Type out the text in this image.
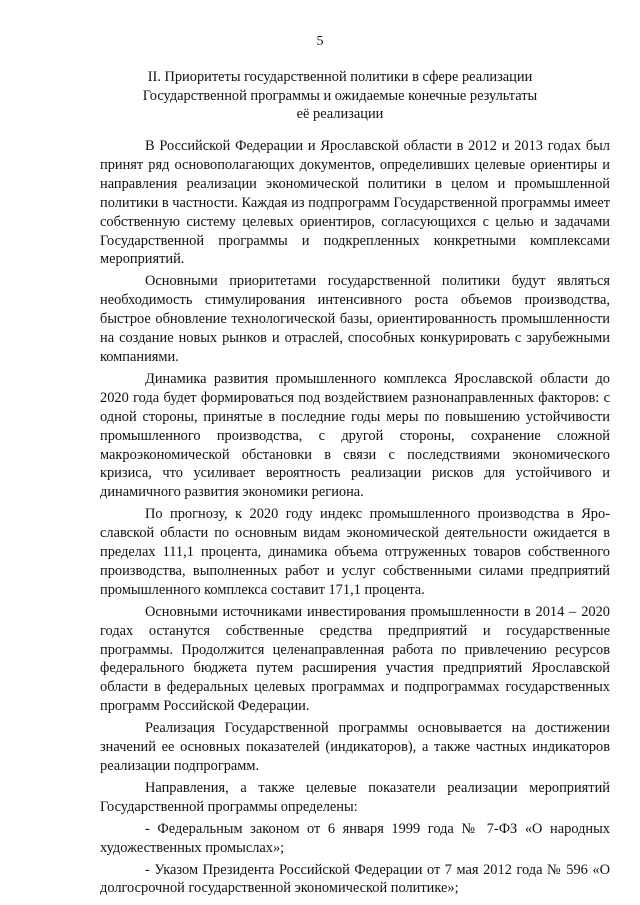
5
II. Приоритеты государственной политики в сфере реализации
Государственной программы и ожидаемые конечные результаты
её реализации

В Российской Федерации и Ярославской области в 2012 и 2013 годах был принят ряд основополагающих документов, определивших целевые ориентиры и направления реализации экономической политики в целом и промышленной политики в частности. Каждая из подпрограмм Государственной программы имеет собственную систему целевых ориентиров, согласующихся с целью и задачами Государственной программы и подкрепленных конкретными комплексами мероприятий.

Основными приоритетами государственной политики будут являться необходимость стимулирования интенсивного роста объемов производства, быстрое обновление технологической базы, ориентированность промышленности на создание новых рынков и отраслей, способных конкурировать с зарубежными компаниями.

Динамика развития промышленного комплекса Ярославской области до 2020 года будет формироваться под воздействием разнонаправленных факторов: с одной стороны, принятые в последние годы меры по повышению устойчивости промышленного производства, с другой стороны, сохранение сложной макроэкономической обстановки в связи с последствиями экономического кризиса, что усиливает вероятность реализации рисков для устойчивого и динамичного развития экономики региона.

По прогнозу, к 2020 году индекс промышленного производства в Ярославской области по основным видам экономической деятельности ожидается в пределах 111,1 процента, динамика объема отгруженных товаров собственного производства, выполненных работ и услуг собственными силами предприятий промышленного комплекса составит 171,1 процента.

Основными источниками инвестирования промышленности в 2014 – 2020 годах останутся собственные средства предприятий и государственные программы. Продолжится целенаправленная работа по привлечению ресурсов федерального бюджета путем расширения участия предприятий Ярославской области в федеральных целевых программах и подпрограммах государственных программ Российской Федерации.

Реализация Государственной программы основывается на достижении значений ее основных показателей (индикаторов), а также частных индикаторов реализации подпрограмм.

Направления, а также целевые показатели реализации мероприятий Государственной программы определены:

- Федеральным законом от 6 января 1999 года № 7-ФЗ «О народных художественных промыслах»;

- Указом Президента Российской Федерации от 7 мая 2012 года № 596 «О долгосрочной государственной экономической политике»;
